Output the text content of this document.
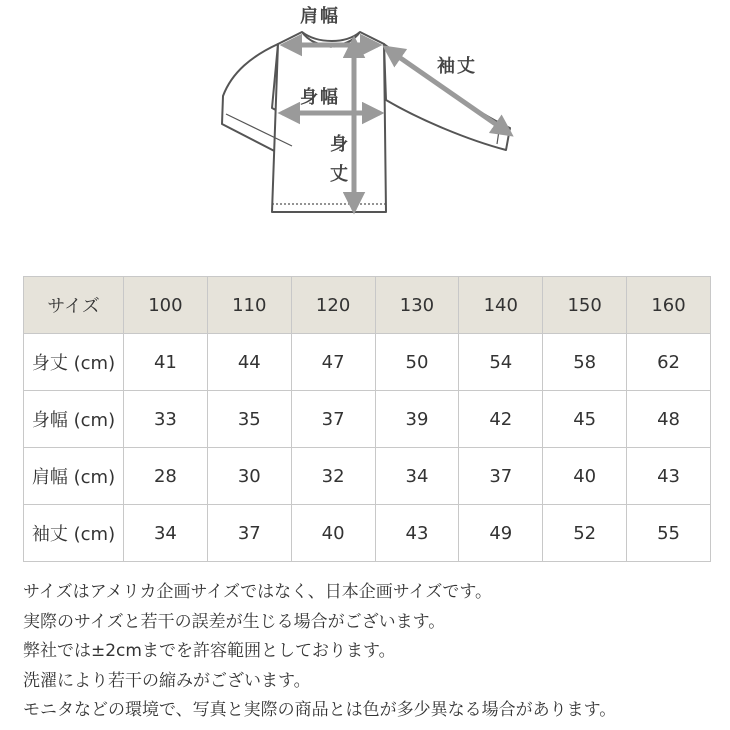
肩幅
袖丈
身幅
身
丈
サイズ	100	110	120	130	140	150	160
身丈 (cm)	41	44	47	50	54	58	62
身幅 (cm)	33	35	37	39	42	45	48
肩幅 (cm)	28	30	32	34	37	40	43
袖丈 (cm)	34	37	40	43	49	52	55

サイズはアメリカ企画サイズではなく、日本企画サイズです。

実際のサイズと若干の誤差が生じる場合がございます。

弊社では±2cmまでを許容範囲としております。

洗濯により若干の縮みがございます。

モニタなどの環境で、写真と実際の商品とは色が多少異なる場合があります。
